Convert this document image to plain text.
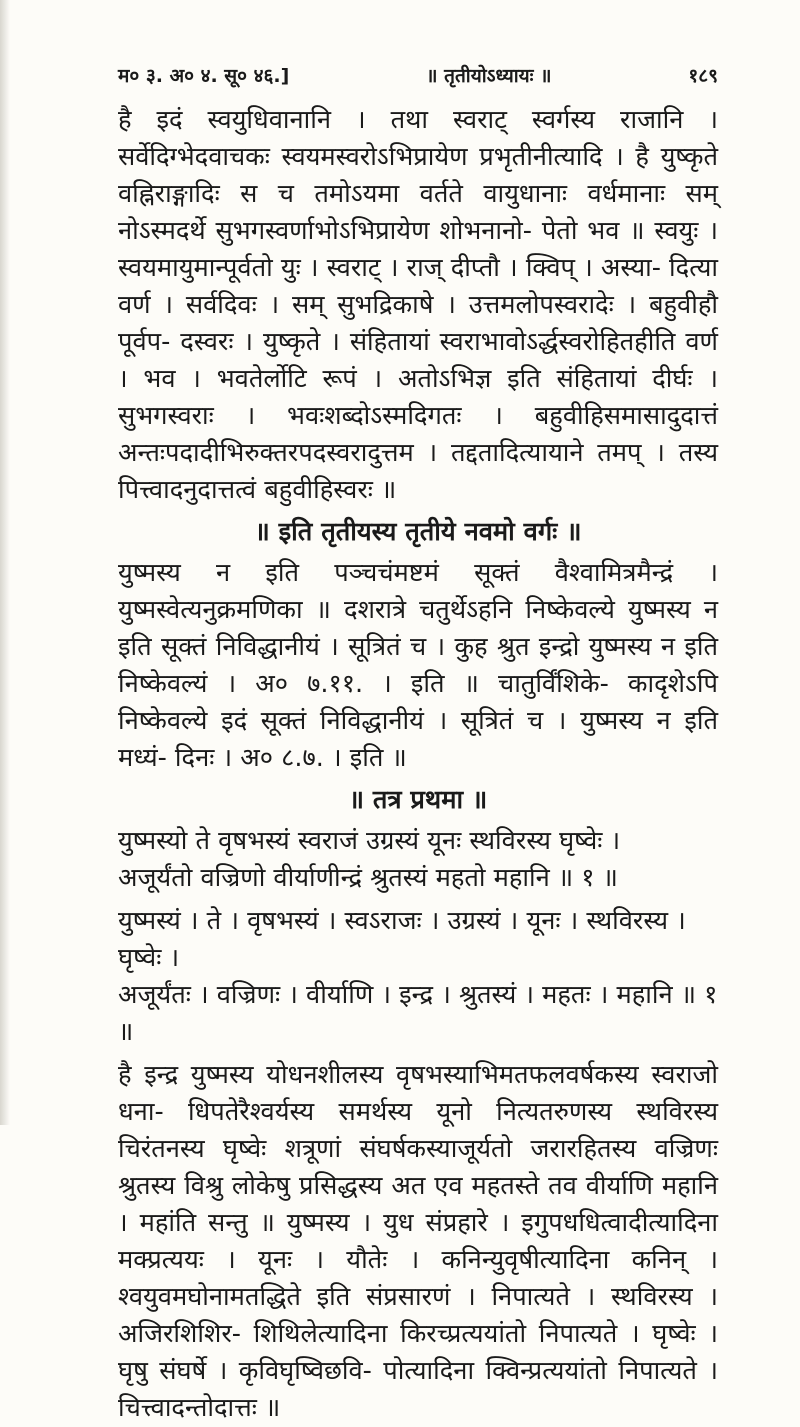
म० ३. अ० ४. सू० ४६.]	॥ तृतीयोऽध्यायः ॥	१८९

है इदं स्वयुधिवानानि । तथा स्वराट् स्वर्गस्य राजानि । सर्वेदिग्भेदवाचकः स्वयमस्वरोऽभिप्रायेण प्रभृतीनीत्यादि । है युष्कृते वह्निराङ्गादिः स च तमोऽयमा वर्तते वायुधानाः वर्धमानाः सम् नोऽस्मदर्थे सुभगस्वर्णाभोऽभिप्रायेण शोभनानो- पेतो भव ॥ स्वयुः । स्वयमायुमान्पूर्वतो युः । स्वराट् । राज् दीप्तौ । क्विप् । अस्या- दित्या वर्ण । सर्वदिवः । सम् सुभद्रिकाषे । उत्तमलोपस्वरादेः । बहुवीहौ पूर्वप- दस्वरः । युष्कृते । संहितायां स्वराभावोऽर्द्धस्वरोहितहीति वर्ण । भव । भवतेर्लोटि रूपं । अतोऽभिज्ञ इति संहितायां दीर्घः । सुभगस्वराः । भवःशब्दोऽस्मदिगतः । बहुवीहिसमासादुदात्तं अन्तःपदादीभिरुक्तरपदस्वरादुत्तम । तद्दतादित्यायाने तमप् । तस्य पित्त्वादनुदात्तत्वं बहुवीहिस्वरः ॥

॥ इति तृतीयस्य तृतीये नवमो वर्गः ॥

युष्मस्य न इति पञ्चचंमष्टमं सूक्तं वैश्वामित्रमैन्द्रं । युष्मस्वेत्यनुक्रमणिका ॥ दशरात्रे चतुर्थेऽहनि निष्केवल्ये युष्मस्य न इति सूक्तं निविद्धानीयं । सूत्रितं च । कुह श्रुत इन्द्रो युष्मस्य न इति निष्केवल्यं । अ० ७.११. । इति ॥ चातुर्विंशिके- कादृशेऽपि निष्केवल्ये इदं सूक्तं निविद्धानीयं । सूत्रितं च । युष्मस्य न इति मध्यं- दिनः । अ० ८.७. । इति ॥

॥ तत्र प्रथमा ॥
युष्मस्यो ते वृषभस्यं स्वराजं उग्रस्यं यूनः स्थविरस्य घृष्वेः ।
अजूर्यंतो वज्रिणो वीर्याणीन्द्रं श्रुतस्यं महतो महानि ॥ १ ॥
युष्मस्यं । ते । वृषभस्यं । स्वऽराजः । उग्रस्यं । यूनः । स्थविरस्य । घृष्वेः ।
अजूर्यंतः । वज्रिणः । वीर्याणि । इन्द्र । श्रुतस्यं । महतः । महानि ॥ १ ॥

है इन्द्र युष्मस्य योधनशीलस्य वृषभस्याभिमतफलवर्षकस्य स्वराजो धना- धिपतेरैश्वर्यस्य समर्थस्य यूनो नित्यतरुणस्य स्थविरस्य चिरंतनस्य घृष्वेः शत्रूणां संघर्षकस्याजूर्यतो जरारहितस्य वज्रिणः श्रुतस्य विश्रु लोकेषु प्रसिद्धस्य अत एव महतस्ते तव वीर्याणि महानि । महांति सन्तु ॥ युष्मस्य । युध संप्रहारे । इगुपधधित्वादीत्यादिना मक्प्रत्ययः । यूनः । यौतेः । कनिन्युवृषीत्यादिना कनिन् । श्वयुवमघोनामतद्धिते इति संप्रसारणं । निपात्यते । स्थविरस्य । अजिरशिशिर- शिथिलेत्यादिना किरच्प्रत्ययांतो निपात्यते । घृष्वेः । घृषु संघर्षे । कृविघृष्विछवि- पोत्यादिना क्विन्प्रत्ययांतो निपात्यते । चित्त्वादन्तोदात्तः ॥
